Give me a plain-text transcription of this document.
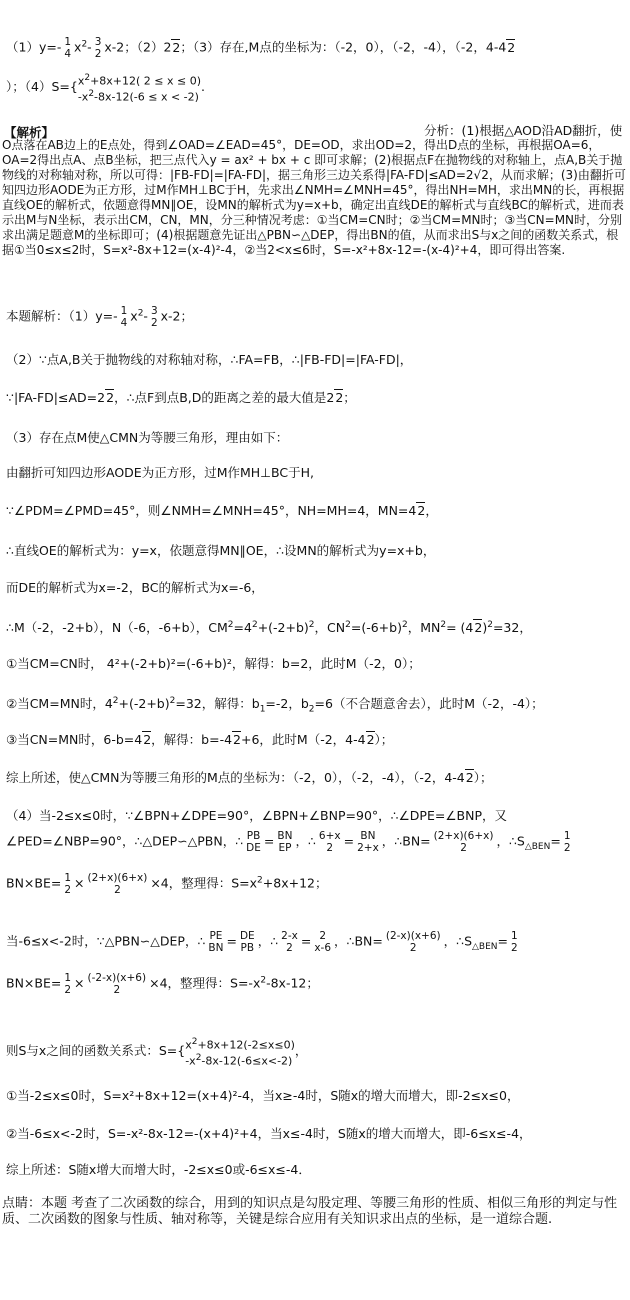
（1）y=- 1
4 $x^2-$ 3
2 x-2；（2）22；（3）存在,M点的坐标为：（-2，0），（-2，-4），（-2，4-42
）；$(4)S=\{x^2+8x+12$( 2 ≤ x ≤ 0)
$-x^2-8x-12(-6 \le x < -2)$.
【解析】	分析：(1)根据△AOD沿AD翻折，使
O点落在AB边上的E点处，得到∠OAD=∠EAD=45°，DE=OD，求出OD=2，得出D点的坐标，再根据OA=6，OA=2得出点A、点B坐标，把三点代入y = ax² + bx + c 即可求解；(2)根据点F在抛物线的对称轴上，点A,B关于抛物线的对称轴对称，所以可得：|FB-FD|=|FA-FD|，据三角形三边关系得|FA-FD|≤AD=2√2，从而求解；(3)由翻折可知四边形AODE为正方形，过M作MH⊥BC于H，先求出∠NMH=∠MNH=45°，得出NH=MH，求出MN的长，再根据直线OE的解析式，依题意得MN∥OE，设MN的解析式为y=x+b，确定出直线DE的解析式与直线BC的解析式，进而表示出M与N坐标，表示出CM，CN，MN，分三种情况考虑：①当CM=CN时；②当CM=MN时；③当CN=MN时，分别求出满足题意M的坐标即可；(4)根据题意先证出△PBN∽△DEP，得出BN的值，从而求出S与x之间的函数关系式，根据①当0≤x≤2时，S=x²-8x+12=(x-4)²-4，②当2<x≤6时，S=-x²+8x-12=-(x-4)²+4，即可得出答案.
本题解析：（1）y=- 1
4 $x^2-$ 3
2 x-2；
（2）∵点A,B关于抛物线的对称轴对称，∴FA=FB，∴|FB-FD|=|FA-FD|，
∵|FA-FD|≤AD=22，∴点F到点B,D的距离之差的最大值是22；
（3）存在点M使△CMN为等腰三角形，理由如下：
由翻折可知四边形AODE为正方形，过M作MH⊥BC于H,
∵∠PDM=∠PMD=45°，则∠NMH=∠MNH=45°，NH=MH=4，MN=42，
∴直线OE的解析式为：y=x，依题意得MN∥OE，∴设MN的解析式为y=x+b，
而DE的解析式为x=-2，BC的解析式为x=-6，
∴M（-2，-2+b），N（-6，-6+b），$CM^2=4^2+(-2+b)^2$，$CN^2=(-6+b)^2$，$MN^2= (42)^2=32$，
①当CM=CN时， 4²+(-2+b)²=(-6+b)²，解得：b=2，此时M（-2，0）；
②当CM=MN时，$4^2+(-2+b)^2=32$，解得：$b_1=-2$，$b_2=6$（不合题意舍去），此时M（-2，-4）；
③当CN=MN时，6-b=42，解得：b=-42+6，此时M（-2，4-42）；
综上所述，使△CMN为等腰三角形的M点的坐标为：（-2，0），（-2，-4），（-2，4-42）；
（4）当-2≤x≤0时，∵∠BPN+∠DPE=90°，∠BPN+∠BNP=90°，∴∠DPE=∠BNP，又
∠PED=∠NBP=90°，∴△DEP∽△PBN，∴ PB
DE = BN
EP ，∴ 6+x
2 = BN
2+x ，∴BN= (2+x)(6+x)
2	，$\therefore S_{\triangle BEN}= 1$
2
BN×BE= 1
2 × (2+x)(6+x)
2	×4，整理得：$S=x^2+8x+12$；
当-6≤x<-2时，∵△PBN∽△DEP，∴ PE
BN = DE
PB ，∴ 2-x
2 = 2
x-6 ，∴BN= (2-x)(x+6)
2	，$\therefore S_{\triangle BEN}= 1$
2
BN×BE= 1
2 × (-2-x)(x+6)
2	×4，整理得：$S=-x^2-8x-12$；
则S与x之间的函数关系式：$S=\{x^2+8x+12(-2\le x\le 0)$
$-x^2-8x-12(-6\le x<-2)$，
①当-2≤x≤0时，S=x²+8x+12=(x+4)²-4，当x≥-4时，S随x的增大而增大，即-2≤x≤0，
②当-6≤x<-2时，S=-x²-8x-12=-(x+4)²+4，当x≤-4时，S随x的增大而增大，即-6≤x≤-4，
综上所述：S随x增大而增大时，-2≤x≤0或-6≤x≤-4．
点睛：本题 考查了二次函数的综合，用到的知识点是勾股定理、等腰三角形的性质、相似三角形的判定与性质、二次函数的图象与性质、轴对称等，关键是综合应用有关知识求出点的坐标，是一道综合题.
